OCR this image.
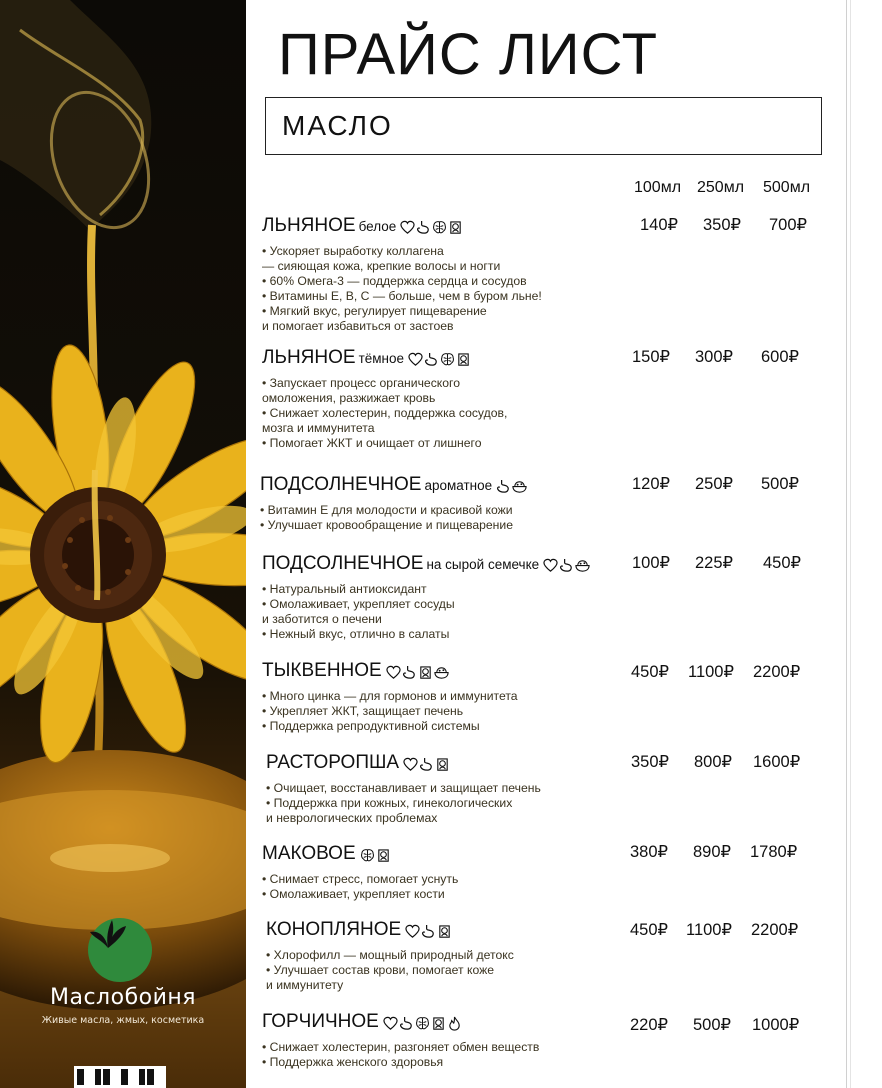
Маслобойня
Живые масла, жмых, косметика
ПРАЙС ЛИСТ
МАСЛО
100мл 250мл 500мл
ЛЬНЯНОЕ белое
• Ускоряет выработку коллагена
— сияющая кожа, крепкие волосы и ногти
• 60% Омега-3 — поддержка сердца и сосудов
• Витамины Е, В, С — больше, чем в буром льне!
• Мягкий вкус, регулирует пищеварение
и помогает избавиться от застоев
ЛЬНЯНОЕ тёмное
• Запускает процесс органического
омоложения, разжижает кровь
• Снижает холестерин, поддержка сосудов,
мозга и иммунитета
• Помогает ЖКТ и очищает от лишнего
ПОДСОЛНЕЧНОЕ ароматное
• Витамин Е для молодости и красивой кожи
• Улучшает кровообращение и пищеварение
ПОДСОЛНЕЧНОЕ на сырой семечке
• Натуральный антиоксидант
• Омолаживает, укрепляет сосуды
и заботится о печени
• Нежный вкус, отлично в салаты
ТЫКВЕННОЕ
• Много цинка — для гормонов и иммунитета
• Укрепляет ЖКТ, защищает печень
• Поддержка репродуктивной системы
РАСТОРОПША
• Очищает, восстанавливает и защищает печень
• Поддержка при кожных, гинекологических
и неврологических проблемах
МАКОВОЕ
• Снимает стресс, помогает уснуть
• Омолаживает, укрепляет кости
КОНОПЛЯНОЕ
• Хлорофилл — мощный природный детокс
• Улучшает состав крови, помогает коже
и иммунитету
ГОРЧИЧНОЕ
• Снижает холестерин, разгоняет обмен веществ
• Поддержка женского здоровья
140₽ 350₽ 700₽
150₽ 300₽ 600₽
120₽ 250₽ 500₽
100₽ 225₽ 450₽
450₽ 1100₽ 2200₽
350₽ 800₽ 1600₽
380₽ 890₽ 1780₽
450₽ 1100₽ 2200₽
220₽ 500₽ 1000₽
